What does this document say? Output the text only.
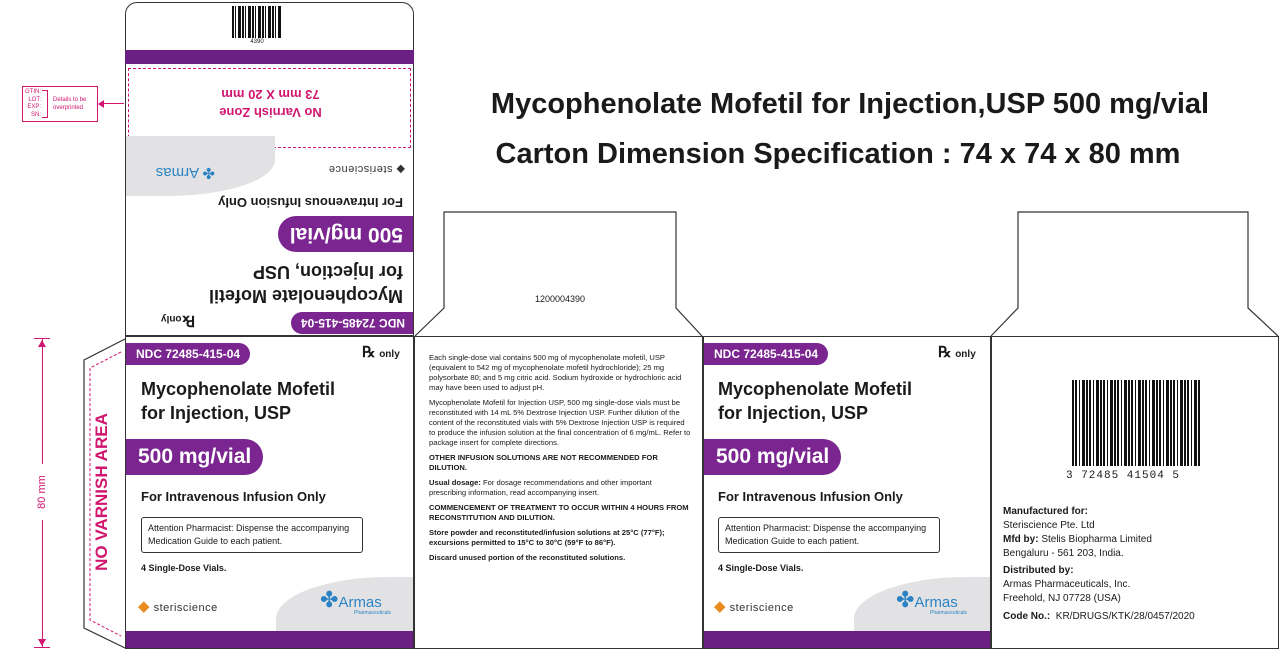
Mycophenolate Mofetil for Injection,USP 500 mg/vial
Carton Dimension Specification : 74 x 74 x 80 mm
GTIN:
LOT:
EXP:
SN:
Details to be overprinted
4390
No Varnish Zone
73 mm X 20 mm
NDC 72485-415-04
℞only
Mycophenolate Mofetil
for Injection, USP
500 mg/vial
For Intravenous Infusion Only
◆ steriscience
✤ Armas
1200004390
80 mm	NO VARNISH AREA
NDC 72485-415-04	℞ only
Mycophenolate Mofetil
for Injection, USP
500 mg/vial
For Intravenous Infusion Only
Attention Pharmacist: Dispense the accompanying Medication Guide to each patient.
4 Single-Dose Vials.
◆ steriscience	✤Armas
Pharmaceuticals

Each single-dose vial contains 500 mg of mycophenolate mofetil, USP (equivalent to 542 mg of mycophenolate mofetil hydrochloride); 25 mg polysorbate 80; and 5 mg citric acid. Sodium hydroxide or hydrochloric acid may have been used to adjust pH.

Mycophenolate Mofetil for Injection USP, 500 mg single-dose vials must be reconstituted with 14 mL 5% Dextrose Injection USP. Further dilution of the content of the reconstituted vials with 5% Dextrose Injection USP is required to produce the infusion solution at the final concentration of 6 mg/mL. Refer to package insert for complete directions.

OTHER INFUSION SOLUTIONS ARE NOT RECOMMENDED FOR DILUTION.

Usual dosage: For dosage recommendations and other important prescribing information, read accompanying insert.

COMMENCEMENT OF TREATMENT TO OCCUR WITHIN 4 HOURS FROM RECONSTITUTION AND DILUTION.

Store powder and reconstituted/infusion solutions at 25°C (77°F); excursions permitted to 15°C to 30°C (59°F to 86°F).

Discard unused portion of the reconstituted solutions.

NDC 72485-415-04	℞ only
Mycophenolate Mofetil
for Injection, USP
500 mg/vial
For Intravenous Infusion Only
Attention Pharmacist: Dispense the accompanying Medication Guide to each patient.
4 Single-Dose Vials.
◆ steriscience	✤Armas
Pharmaceuticals
3 72485 41504 5
Manufactured for:
Steriscience Pte. Ltd
Mfd by: Stelis Biopharma Limited
Bengaluru - 561 203, India.
Distributed by:
Armas Pharmaceuticals, Inc.
Freehold, NJ 07728 (USA)
Code No.: KR/DRUGS/KTK/28/0457/2020
